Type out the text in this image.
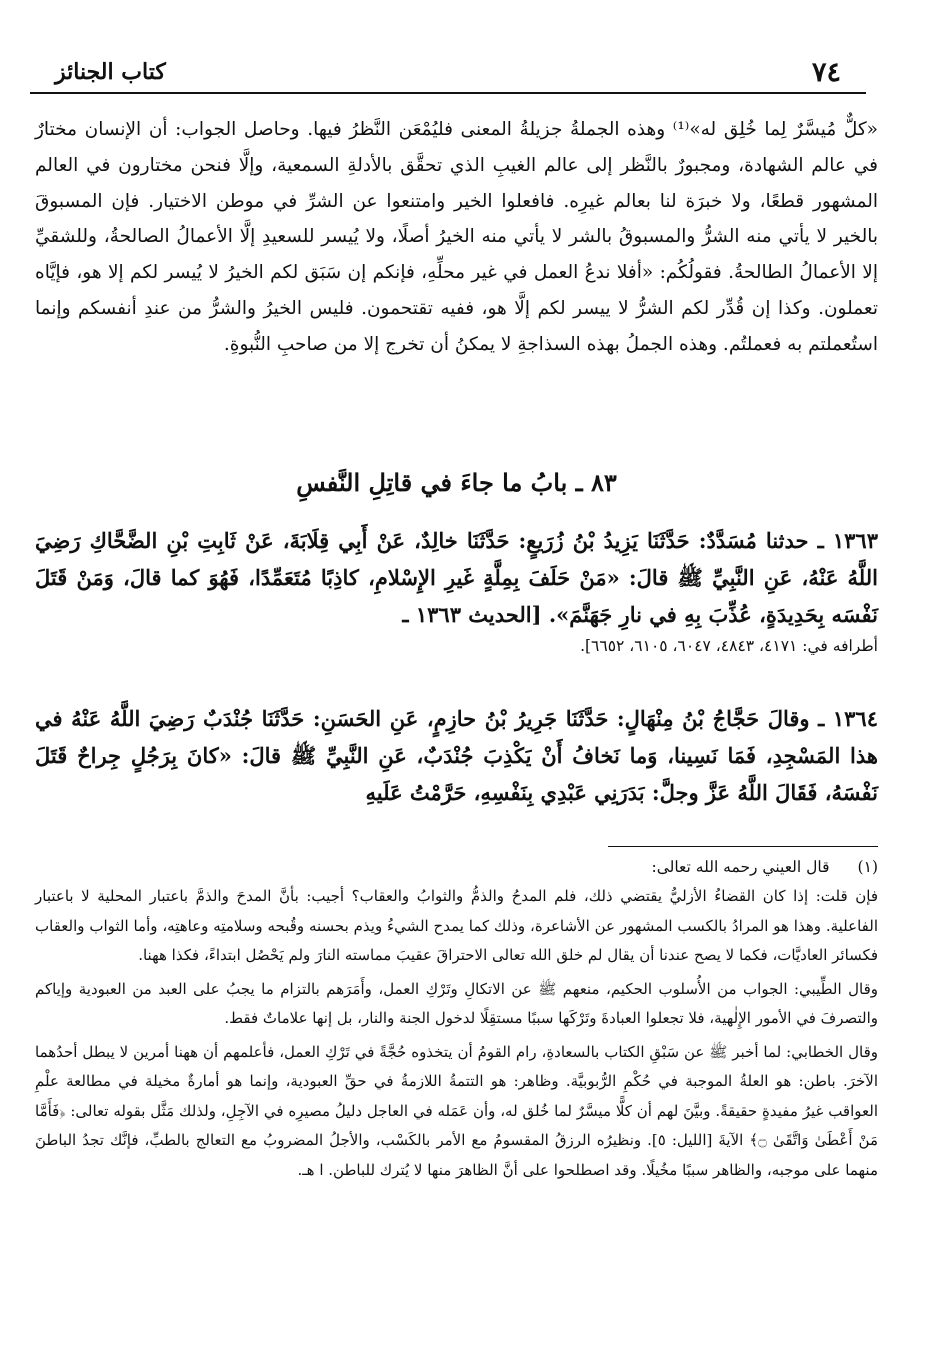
٧٤
كتاب الجنائز

«كلٌّ مُيسَّرٌ لِما خُلِق له»⁽¹⁾ وهذه الجملةُ جزيلةُ المعنى فليُمْعَن النَّظرُ فيها. وحاصل الجواب: أن الإنسان مختارٌ في عالم الشهادة، ومجبورٌ بالنَّظر إلى عالم الغيبِ الذي تحقَّق بالأدلةِ السمعية، وإلَّا فنحن مختارون في العالم المشهور قطعًا، ولا خبرَة لنا بعالم غيرِه. فافعلوا الخير وامتنعوا عن الشرِّ في موطن الاختيار. فإن المسبوقَ بالخير لا يأتي منه الشرُّ والمسبوقُ بالشر لا يأتي منه الخيرُ أصلًا، ولا يُيسر للسعيدِ إلَّا الأعمالُ الصالحةُ، وللشقيِّ إلا الأعمالُ الطالحةُ. فقولُكُم: «أفلا ندعُ العمل في غير محلِّهِ، فإنكم إن سَبَق لكم الخيرُ لا يُيسر لكم إلا هو، فإيَّاه تعملون. وكذا إن قُدِّر لكم الشرُّ لا ييسر لكم إلَّا هو، ففيه تقتحمون. فليس الخيرُ والشرُّ من عندِ أنفسكم وإنما استُعملتم به فعملتُم. وهذه الجملُ بهذه السذاجةِ لا يمكنُ أن تخرج إلا من صاحبِ النُّبوةِ.

٨٣ ـ بابُ ما جاءَ في قاتِلِ النَّفسِ

١٣٦٣ ـ حدثنا مُسَدَّدٌ: حَدَّثَنَا يَزِيدُ بْنُ زُرَيعٍ: حَدَّثَنَا خالِدٌ، عَنْ أَبِي قِلَابَةَ، عَنْ ثَابِتِ بْنِ الضَّحَّاكِ رَضِيَ اللَّهُ عَنْهُ، عَنِ النَّبِيِّ ﷺ قالَ: «مَنْ حَلَفَ بِمِلَّةٍ غَيرِ الإِسْلامِ، كاذِبًا مُتَعَمِّدًا، فَهُوَ كما قالَ، وَمَنْ قَتَلَ نَفْسَه بِحَدِيدَةٍ، عُذِّبَ بِهِ في نارِ جَهَنَّمَ». [الحديث ١٣٦٣ ـ

أطرافه في: ٤١٧١، ٤٨٤٣، ٦٠٤٧، ٦١٠٥، ٦٦٥٢].

١٣٦٤ ـ وقالَ حَجَّاجُ بْنُ مِنْهَالٍ: حَدَّثَنَا جَرِيرُ بْنُ حازِمٍ، عَنِ الحَسَنِ: حَدَّثَنَا جُنْدَبٌ رَضِيَ اللَّهُ عَنْهُ في هذا المَسْجِدِ، فَمَا نَسِينا، وَما نَخافُ أَنْ يَكْذِبَ جُنْدَبٌ، عَنِ النَّبِيِّ ﷺ قالَ: «كانَ بِرَجُلٍ جِراحٌ قَتَلَ نَفْسَهُ، فَقَالَ اللَّهُ عَزَّ وجلَّ: بَدَرَنِي عَبْدِي بِنَفْسِهِ، حَرَّمْتُ عَلَيهِ

(١)قال العيني رحمه الله تعالى:

فإن قلت: إذا كان القضاءُ الأزليُّ يقتضي ذلك، فلم المدحُ والذمُّ والثوابُ والعقاب؟ أجيب: بأنَّ المدحَ والذمَّ باعتبار المحلية لا باعتبار الفاعلية. وهذا هو المرادُ بالكسب المشهور عن الأشاعرة، وذلك كما يمدح الشيءُ ويذم بحسنه وقُبحه وسلامتِه وعاهتِه، وأما الثواب والعقاب فكسائر العاديَّات، فكما لا يصح عندنا أن يقال لم خلق الله تعالى الاحتراقَ عقيبَ مماسته النارَ ولم يَحْصُل ابتداءً، فكذا ههنا.

وقال الطِّيبي: الجواب من الأُسلوب الحكيم، منعهم ﷺ عن الاتكالِ وتَرْكِ العمل، وأَمَرَهم بالتزام ما يجبُ على العبد من العبودية وإياكم والتصرفَ في الأمور الإِلٰهية، فلا تجعلوا العبادةَ وتَرْكَها سببًا مستقِلًا لدخول الجنة والنار، بل إنها علاماتٌ فقط.

وقال الخطابي: لما أخبر ﷺ عن سَبْقِ الكتاب بالسعادةِ، رام القومُ أن يتخذوه حُجَّةً في تَرْكِ العمل، فأعلمهم أن ههنا أمرين لا يبطل أحدُهما الآخرَ. باطن: هو العلةُ الموجبة في حُكْمِ الرُّبوبيَّة. وظاهر: هو التتمةُ اللازمةُ في حقِّ العبودية، وإنما هو أمارةٌ مخيلة في مطالعة علْمِ العواقب غيرُ مفيدةٍ حقيقةً. وبيَّنَ لهم أن كلًّا ميسَّرٌ لما خُلق له، وأن عَمَله في العاجل دليلُ مصيرِه في الآجِلِ، ولذلك مَثَّل بقوله تعالى: ﴿فَأَمَّا مَنْ أَعْطَىٰ وَاتَّقَىٰ ۝﴾ الآيةَ [الليل: ٥]. ونظيرُه الرزقُ المقسومُ مع الأمر بالكَسْب، والأجلُ المضروبُ مع التعالج بالطبِّ، فإنَّك تجدُ الباطنَ منهما على موجبه، والظاهر سببًا مخُيلًا. وقد اصطلحوا على أنَّ الظاهرَ منها لا يُترك للباطن. ا هـ.
